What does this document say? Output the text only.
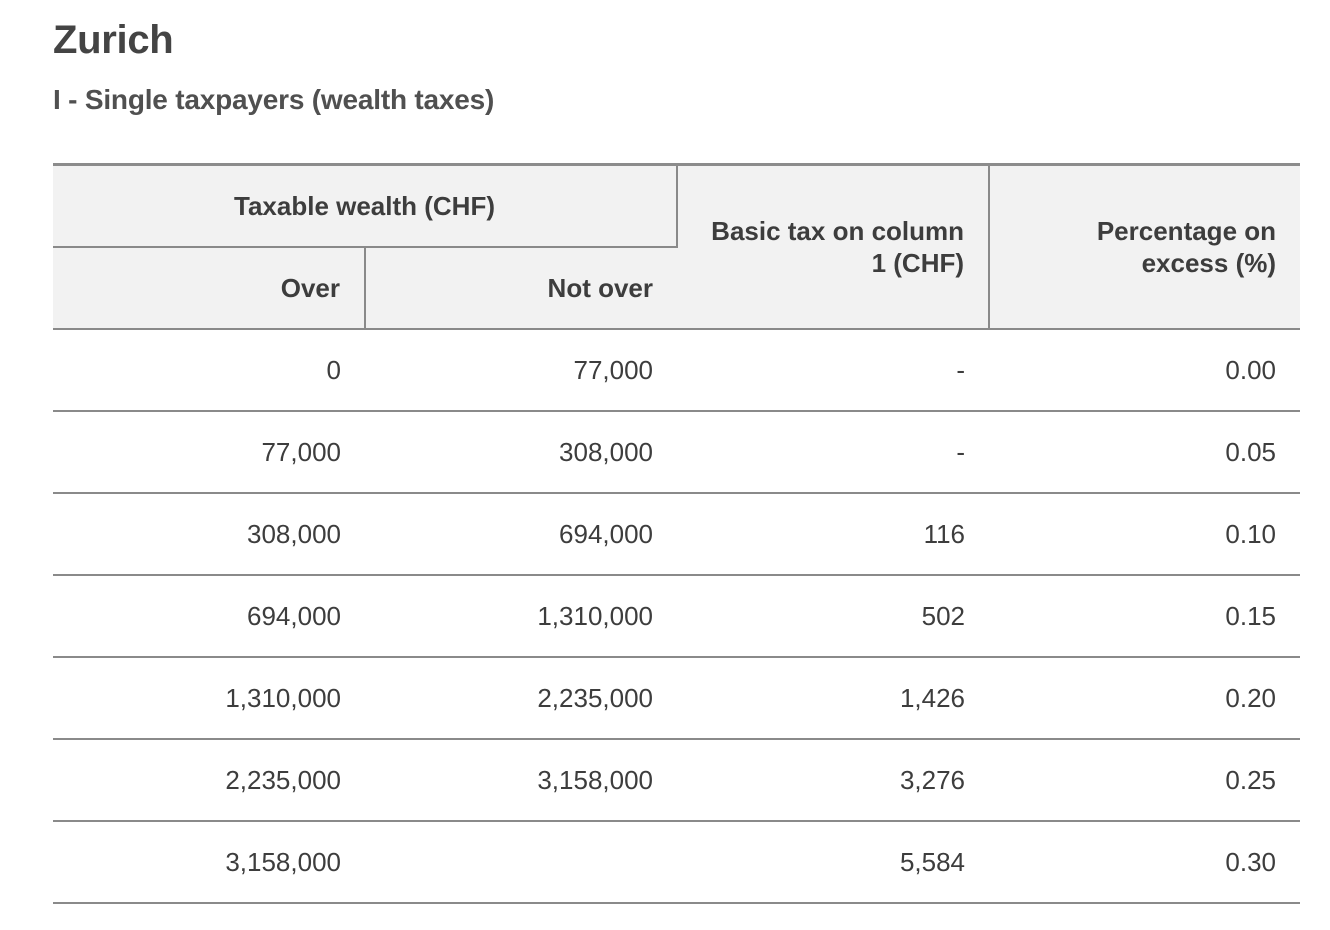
Zurich
I - Single taxpayers (wealth taxes)
Taxable wealth (CHF)		Basic tax on column 1 (CHF)	Percentage on excess (%)
Over	Not over		
0	77,000	-	0.00
77,000	308,000	-	0.05
308,000	694,000	116	0.10
694,000	1,310,000	502	0.15
1,310,000	2,235,000	1,426	0.20
2,235,000	3,158,000	3,276	0.25
3,158,000		5,584	0.30
